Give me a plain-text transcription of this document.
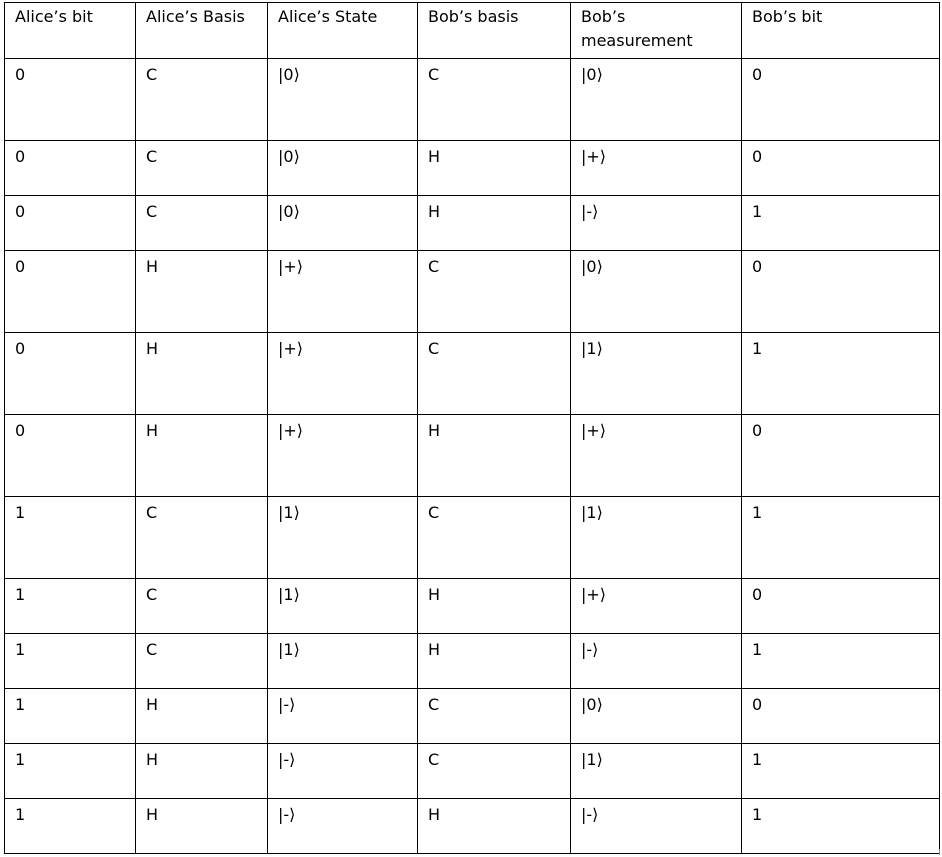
Alice’s bit	Alice’s Basis	Alice’s State	Bob’s basis	Bob’s measurement	Bob’s bit
0	C	|0⟩	C	|0⟩	0
0	C	|0⟩	H	|+⟩	0
0	C	|0⟩	H	|-⟩	1
0	H	|+⟩	C	|0⟩	0
0	H	|+⟩	C	|1⟩	1
0	H	|+⟩	H	|+⟩	0
1	C	|1⟩	C	|1⟩	1
1	C	|1⟩	H	|+⟩	0
1	C	|1⟩	H	|-⟩	1
1	H	|-⟩	C	|0⟩	0
1	H	|-⟩	C	|1⟩	1
1	H	|-⟩	H	|-⟩	1
